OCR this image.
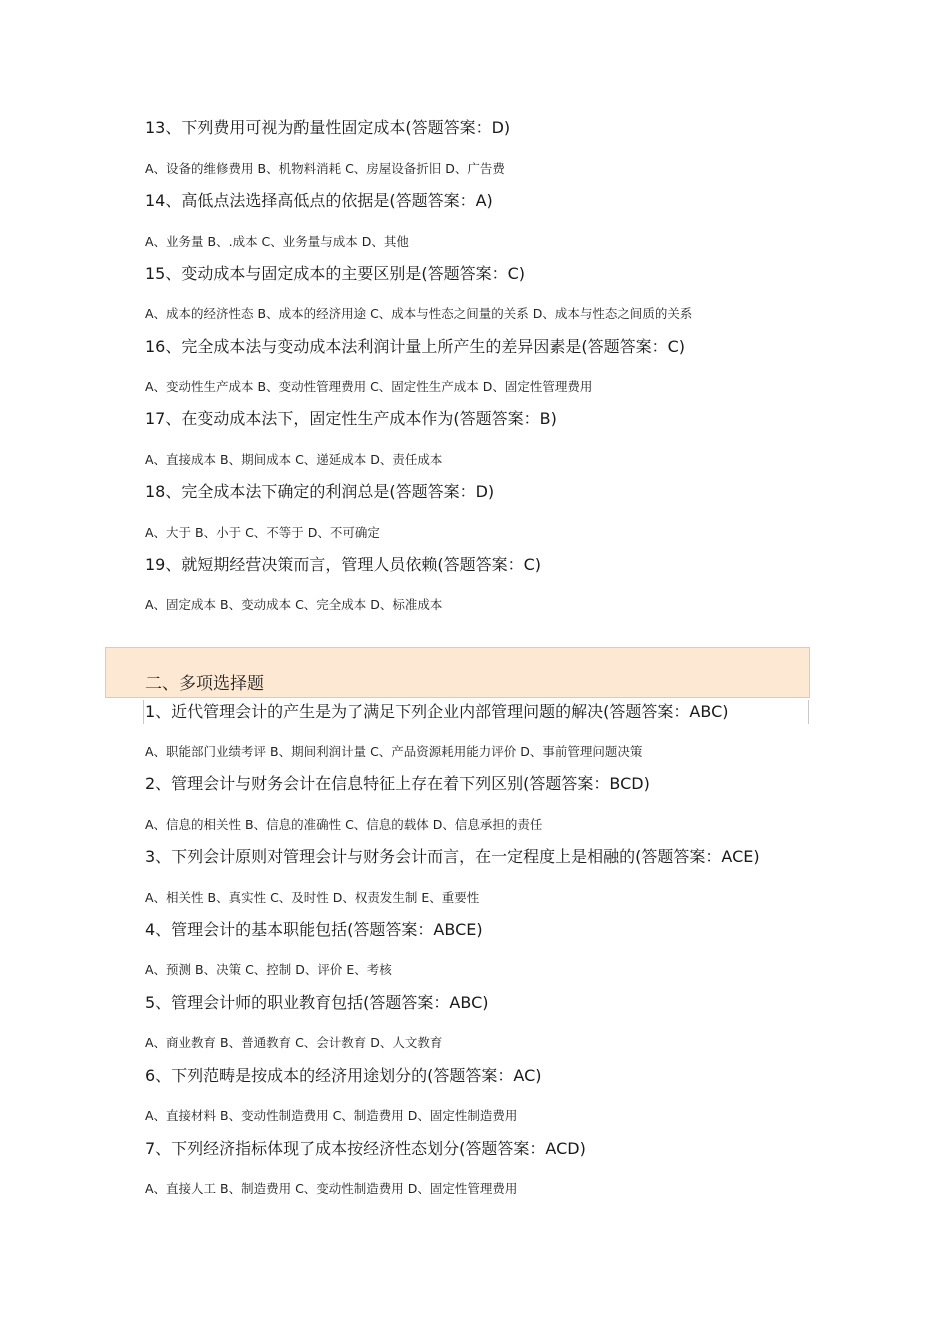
13、下列费用可视为酌量性固定成本(答题答案：D)
A、设备的维修费用 B、机物料消耗 C、房屋设备折旧 D、广告费
14、高低点法选择高低点的依据是(答题答案：A)
A、业务量 B、.成本 C、业务量与成本 D、其他
15、变动成本与固定成本的主要区别是(答题答案：C)
A、成本的经济性态 B、成本的经济用途 C、成本与性态之间量的关系 D、成本与性态之间质的关系
16、完全成本法与变动成本法利润计量上所产生的差异因素是(答题答案：C)
A、变动性生产成本 B、变动性管理费用 C、固定性生产成本 D、固定性管理费用
17、在变动成本法下，固定性生产成本作为(答题答案：B)
A、直接成本 B、期间成本 C、递延成本 D、责任成本
18、完全成本法下确定的利润总是(答题答案：D)
A、大于 B、小于 C、不等于 D、不可确定
19、就短期经营决策而言，管理人员依赖(答题答案：C)
A、固定成本 B、变动成本 C、完全成本 D、标准成本
二、多项选择题
1、近代管理会计的产生是为了满足下列企业内部管理问题的解决(答题答案：ABC)
A、职能部门业绩考评 B、期间利润计量 C、产品资源耗用能力评价 D、事前管理问题决策
2、管理会计与财务会计在信息特征上存在着下列区别(答题答案：BCD)
A、信息的相关性 B、信息的准确性 C、信息的载体 D、信息承担的责任
3、下列会计原则对管理会计与财务会计而言，在一定程度上是相融的(答题答案：ACE)
A、相关性 B、真实性 C、及时性 D、权责发生制 E、重要性
4、管理会计的基本职能包括(答题答案：ABCE)
A、预测 B、决策 C、控制 D、评价 E、考核
5、管理会计师的职业教育包括(答题答案：ABC)
A、商业教育 B、普通教育 C、会计教育 D、人文教育
6、下列范畴是按成本的经济用途划分的(答题答案：AC)
A、直接材料 B、变动性制造费用 C、制造费用 D、固定性制造费用
7、下列经济指标体现了成本按经济性态划分(答题答案：ACD)
A、直接人工 B、制造费用 C、变动性制造费用 D、固定性管理费用
